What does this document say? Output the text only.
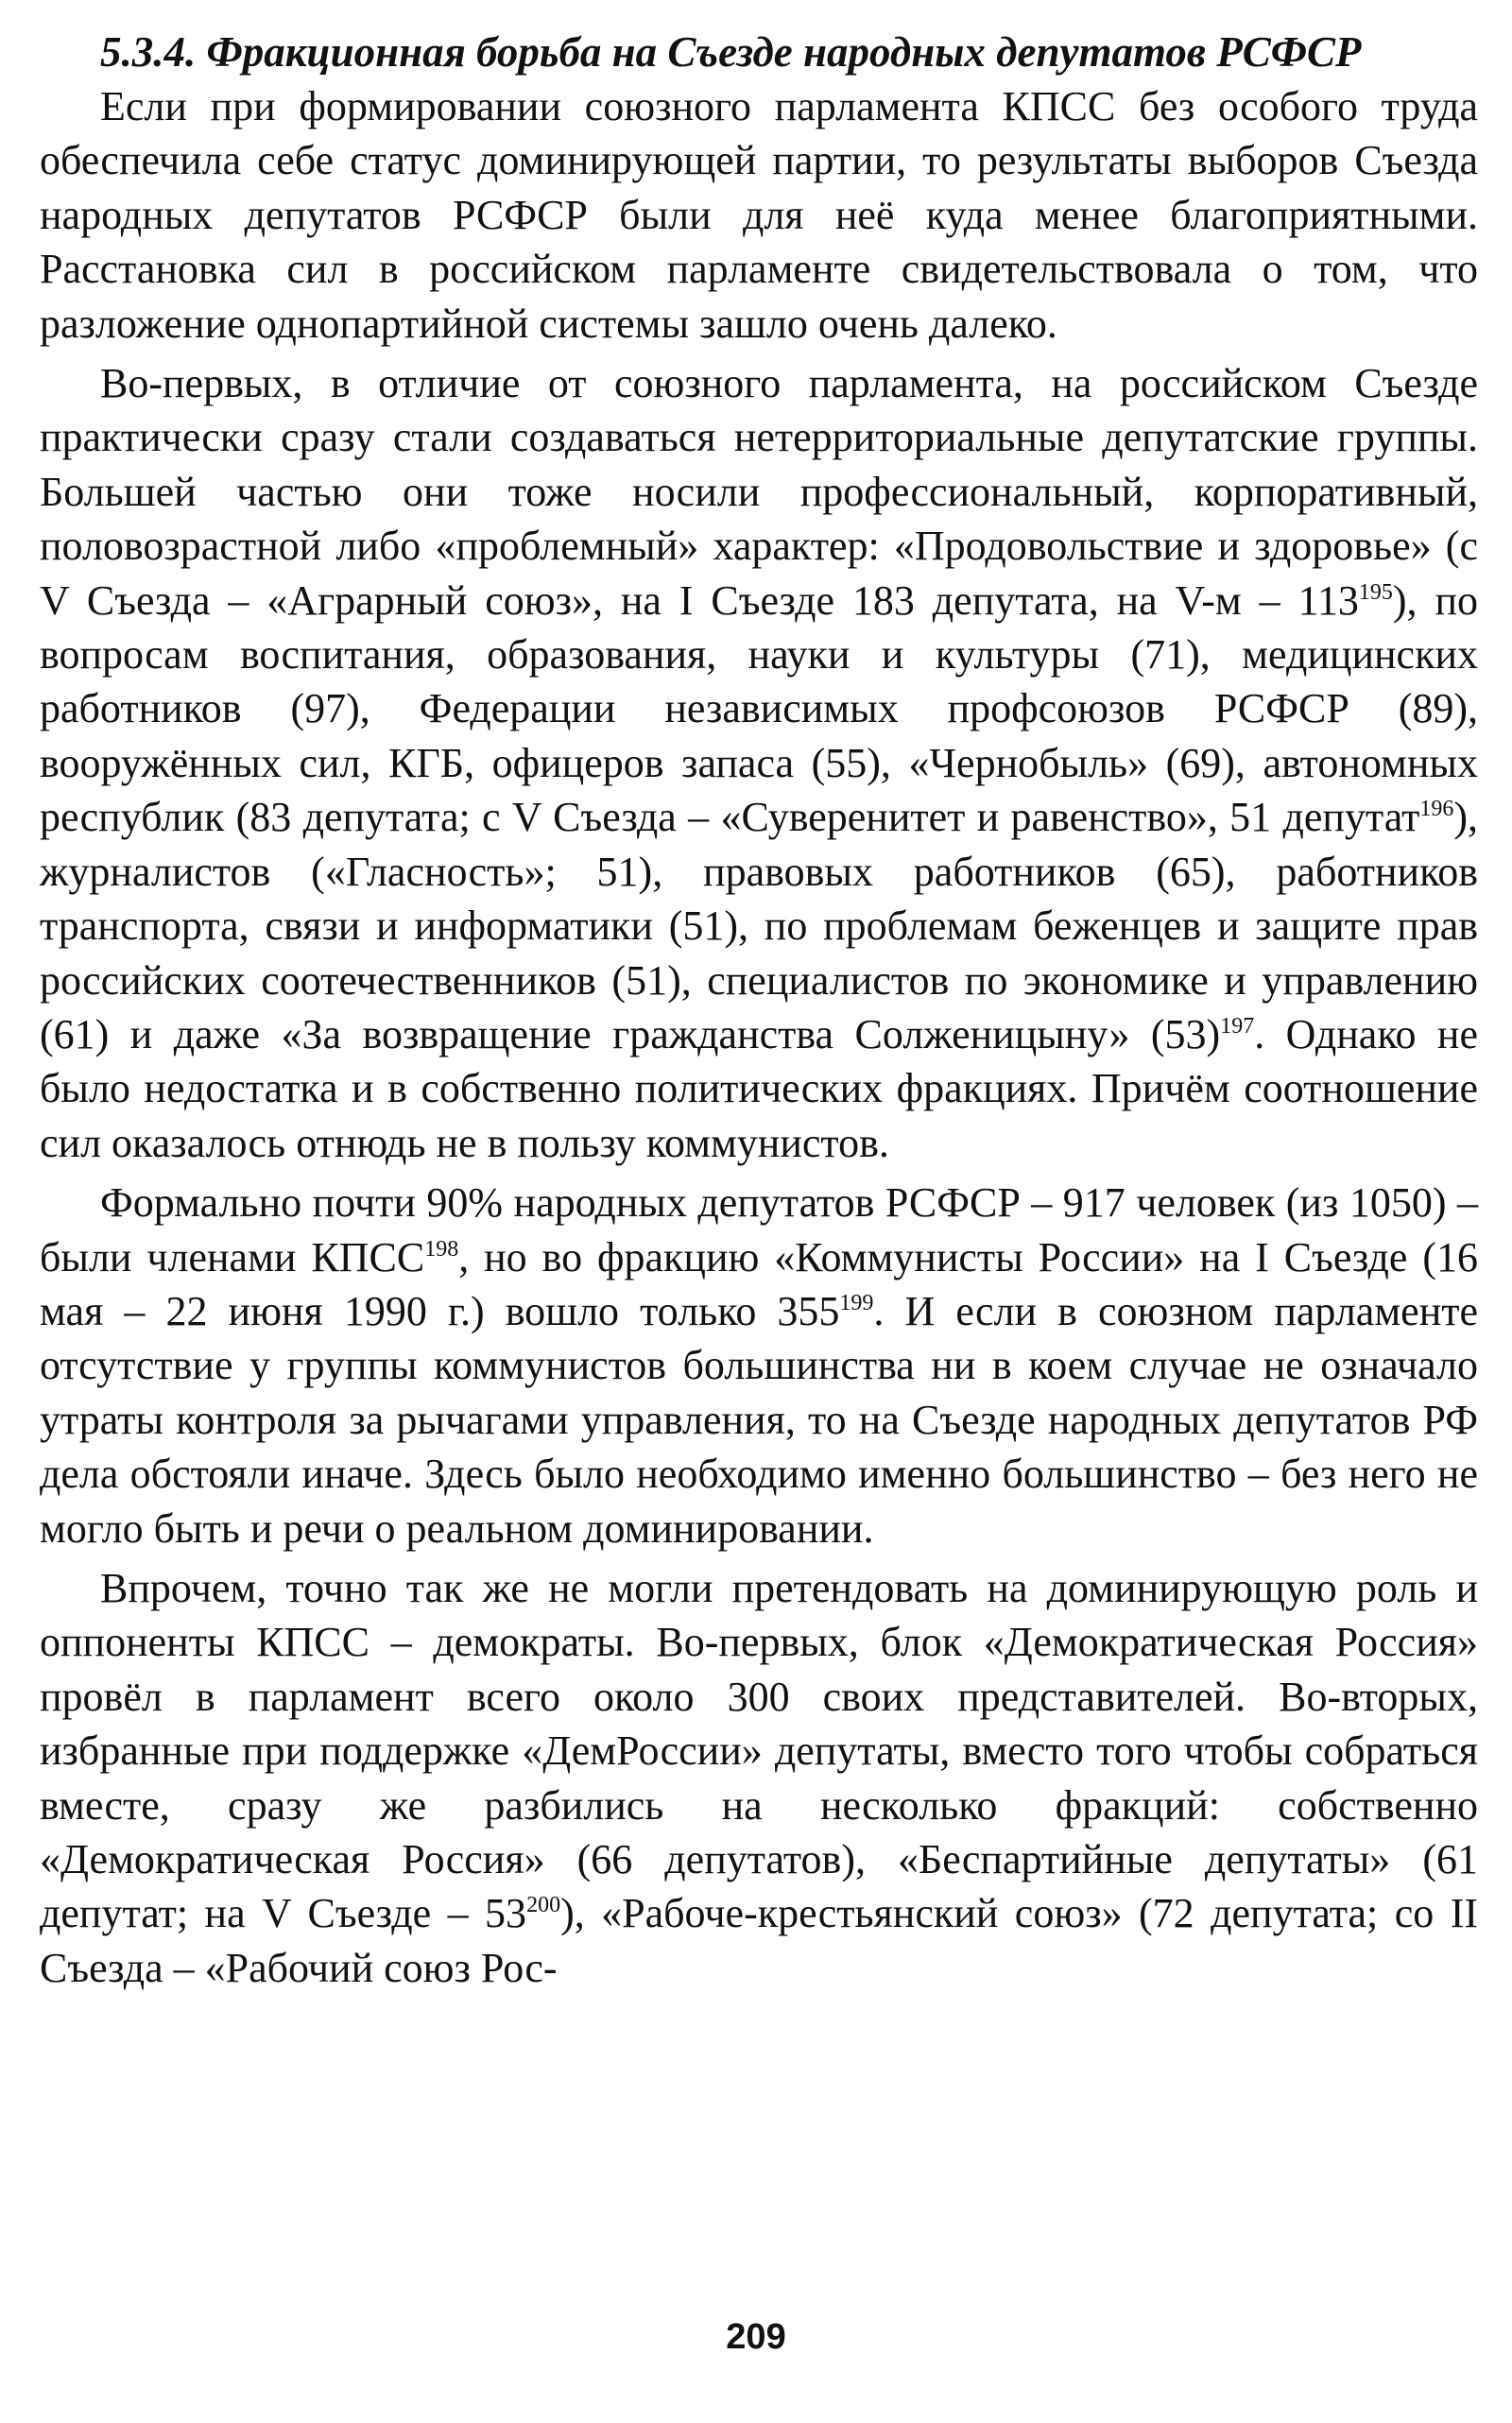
5.3.4. Фракционная борьба на Съезде народных депутатов РСФСР

Если при формировании союзного парламента КПСС без особого труда обеспечила себе статус доминирующей партии, то результаты выборов Съезда народных депутатов РСФСР были для неё куда менее благоприятными. Расстановка сил в российском парламенте свидетельствовала о том, что разложение однопартийной системы зашло очень далеко.

Во-первых, в отличие от союзного парламента, на российском Съезде практически сразу стали создаваться нетерриториальные депутатские группы. Большей частью они тоже носили профессиональный, корпоративный, половозрастной либо «проблемный» характер: «Продовольствие и здоровье» (с V Съезда – «Аграрный союз», на I Съезде 183 депутата, на $V-м - 113^{195}$), по вопросам воспитания, образования, науки и культуры (71), медицинских работников (97), Федерации независимых профсоюзов РСФСР (89), вооружённых сил, КГБ, офицеров запаса (55), «Чернобыль» (69), автономных республик (83 депутата; с V Съезда – «Суверенитет и равенство», 51 депутат$^{196}$), журналистов («Гласность»; 51), правовых работников (65), работников транспорта, связи и информатики (51), по проблемам беженцев и защите прав российских соотечественников (51), специалистов по экономике и управлению (61) и даже «За возвращение гражданства Солженицыну» $(53)^{197}$. Однако не было недостатка и в собственно политических фракциях. Причём соотношение сил оказалось отнюдь не в пользу коммунистов.

Формально почти 90% народных депутатов РСФСР – 917 человек (из 1050) – были членами КПСС$^{198}$, но во фракцию «Коммунисты России» на I Съезде (16 мая – 22 июня 1990 г.) вошло только $355^{199}$. И если в союзном парламенте отсутствие у группы коммунистов большинства ни в коем случае не означало утраты контроля за рычагами управления, то на Съезде народных депутатов РФ дела обстояли иначе. Здесь было необходимо именно большинство – без него не могло быть и речи о реальном доминировании.

Впрочем, точно так же не могли претендовать на доминирующую роль и оппоненты КПСС – демократы. Во-первых, блок «Демократическая Россия» провёл в парламент всего около 300 своих представителей. Во-вторых, избранные при поддержке «ДемРоссии» депутаты, вместо того чтобы собраться вместе, сразу же разбились на несколько фракций: собственно «Демократическая Россия» (66 депутатов), «Беспартийные депутаты» (61 депутат; на V Съезде – $53^{200}$), «Рабоче-крестьянский союз» (72 депутата; со II Съезда – «Рабочий союз Рос-

209
